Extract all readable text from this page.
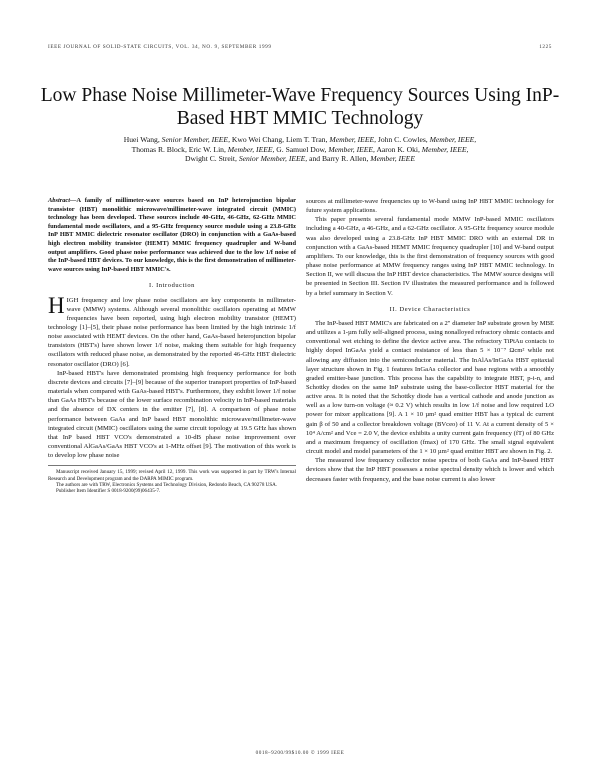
IEEE JOURNAL OF SOLID-STATE CIRCUITS, VOL. 34, NO. 9, SEPTEMBER 1999	1225
Low Phase Noise Millimeter-Wave Frequency Sources Using InP-Based HBT MMIC Technology
Huei Wang, Senior Member, IEEE, Kwo Wei Chang, Liem T. Tran, Member, IEEE, John C. Cowles, Member, IEEE,
Thomas R. Block, Eric W. Lin, Member, IEEE, G. Samuel Dow, Member, IEEE, Aaron K. Oki, Member, IEEE,
Dwight C. Streit, Senior Member, IEEE, and Barry R. Allen, Member, IEEE
Abstract—A family of millimeter-wave sources based on InP heterojunction bipolar transistor (HBT) monolithic microwave/millimeter-wave integrated circuit (MMIC) technology has been developed. These sources include 40-GHz, 46-GHz, 62-GHz MMIC fundamental mode oscillators, and a 95-GHz frequency source module using a 23.8-GHz InP HBT MMIC dielectric resonator oscillator (DRO) in conjunction with a GaAs-based high electron mobility transistor (HEMT) MMIC frequency quadrupler and W-band output amplifiers. Good phase noise performance was achieved due to the low 1/f noise of the InP-based HBT devices. To our knowledge, this is the first demonstration of millimeter-wave sources using InP-based HBT MMIC's.
I. Introduction

HIGH frequency and low phase noise oscillators are key components in millimeter-wave (MMW) systems. Although several monolithic oscillators operating at MMW frequencies have been reported, using high electron mobility transistor (HEMT) technology [1]–[5], their phase noise performance has been limited by the high intrinsic 1/f noise associated with HEMT devices. On the other hand, GaAs-based heterojunction bipolar transistors (HBT's) have shown lower 1/f noise, making them suitable for high frequency oscillators with reduced phase noise, as demonstrated by the reported 46-GHz HBT dielectric resonator oscillator (DRO) [6].

InP-based HBT's have demonstrated promising high frequency performance for both discrete devices and circuits [7]–[9] because of the superior transport properties of InP-based materials when compared with GaAs-based HBT's. Furthermore, they exhibit lower 1/f noise than GaAs HBT's because of the lower surface recombination velocity in InP-based materials and the absence of DX centers in the emitter [7], [8]. A comparison of phase noise performance between GaAs and InP based HBT monolithic microwave/millimeter-wave integrated circuit (MMIC) oscillators using the same circuit topology at 19.5 GHz has shown that InP based HBT VCO's demonstrated a 10-dB phase noise improvement over conventional AlGaAs/GaAs HBT VCO's at 1-MHz offset [9]. The motivation of this work is to develop low phase noise

Manuscript received January 15, 1999; revised April 12, 1999. This work was supported in part by TRW's Internal Research and Development program and the DARPA MIMIC program.
The authors are with TRW, Electronics Systems and Technology Division, Redondo Beach, CA 90278 USA.
Publisher Item Identifier S 0018-9200(99)06435-7.

sources at millimeter-wave frequencies up to W-band using InP HBT MMIC technology for future system applications.

This paper presents several fundamental mode MMW InP-based MMIC oscillators including a 40-GHz, a 46-GHz, and a 62-GHz oscillator. A 95-GHz frequency source module was also developed using a 23.8-GHz InP HBT MMIC DRO with an external DR in conjunction with a GaAs-based HEMT MMIC frequency quadrupler [10] and W-band output amplifiers. To our knowledge, this is the first demonstration of frequency sources with good phase noise performance at MMW frequency ranges using InP HBT MMIC technology. In Section II, we will discuss the InP HBT device characteristics. The MMW source designs will be presented in Section III. Section IV illustrates the measured performance and is followed by a brief summary in Section V.

II. Device Characteristics

The InP-based HBT MMIC's are fabricated on a 2" diameter InP substrate grown by MBE and utilizes a 1-µm fully self-aligned process, using nonalloyed refractory ohmic contacts and conventional wet etching to define the device active area. The refractory TiPtAu contacts to highly doped InGaAs yield a contact resistance of less than 5 × 10⁻⁷ Ωcm² while not allowing any diffusion into the semiconductor material. The InAlAs/InGaAs HBT epitaxial layer structure shown in Fig. 1 features InGaAs collector and base regions with a smoothly graded emitter-base junction. This process has the capability to integrate HBT, p-i-n, and Schottky diodes on the same InP substrate using the base-collector HBT material for the active area. It is noted that the Schottky diode has a vertical cathode and anode junction as well as a low turn-on voltage (≈ 0.2 V) which results in low 1/f noise and low required LO power for mixer applications [9]. A 1 × 10 µm² quad emitter HBT has a typical dc current gain β of 50 and a collector breakdown voltage (BVceo) of 11 V. At a current density of 5 × 10⁴ A/cm² and Vce = 2.0 V, the device exhibits a unity current gain frequency (fT) of 80 GHz and a maximum frequency of oscillation (fmax) of 170 GHz. The small signal equivalent circuit model and model parameters of the 1 × 10 µm² quad emitter HBT are shown in Fig. 2.

The measured low frequency collector noise spectra of both GaAs and InP-based HBT devices show that the InP HBT possesses a noise spectral density which is lower and which decreases faster with frequency, and the base noise current is also lower

0018–9200/99$10.00 © 1999 IEEE
